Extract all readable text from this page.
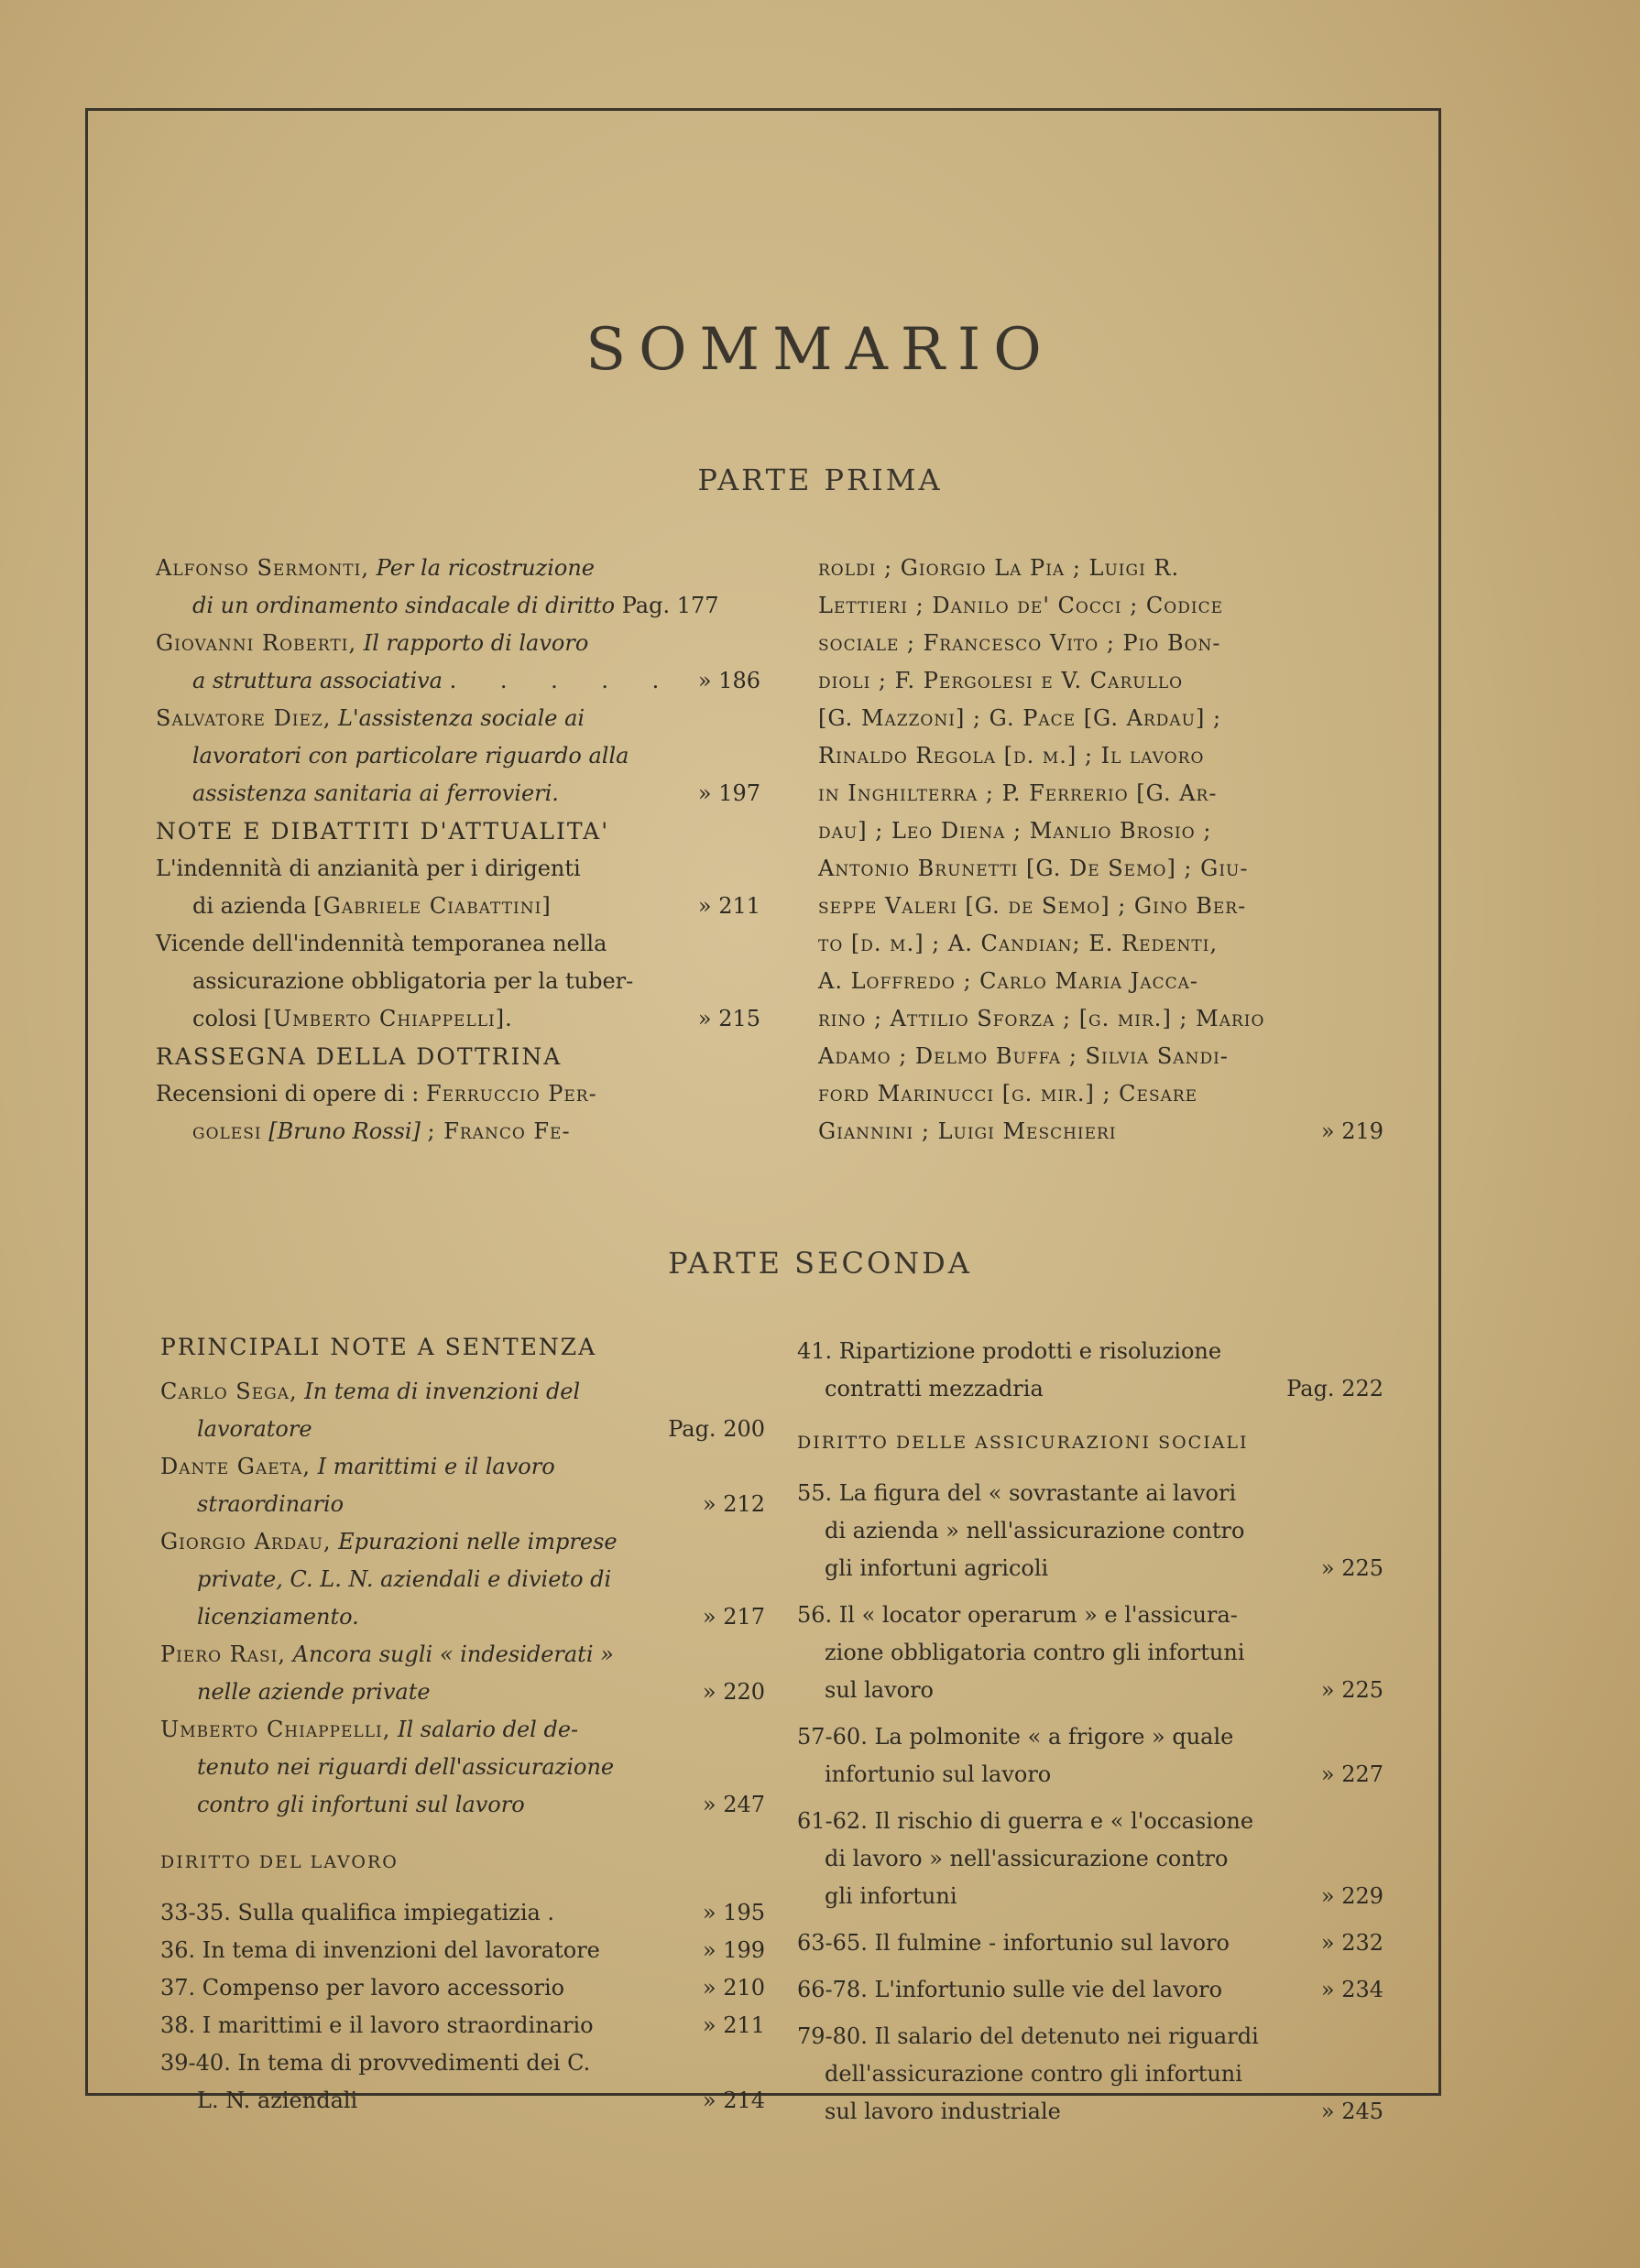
SOMMARIO
PARTE PRIMA
Alfonso Sermonti, Per la ricostruzione
di un ordinamento sindacale di diritto Pag. 177
Giovanni Roberti, Il rapporto di lavoro
a struttura associativa . . . . . » 186
Salvatore Diez, L'assistenza sociale ai
lavoratori con particolare riguardo alla
assistenza sanitaria ai ferrovieri.	» 197
NOTE E DIBATTITI D'ATTUALITA'
L'indennità di anzianità per i dirigenti
di azienda [Gabriele Ciabattini]	» 211
Vicende dell'indennità temporanea nella
assicurazione obbligatoria per la tuber-
colosi [Umberto Chiappelli].	» 215
RASSEGNA DELLA DOTTRINA
Recensioni di opere di : Ferruccio Per-
golesi [Bruno Rossi] ; Franco Fe-
roldi ; Giorgio La Pia ; Luigi R.
Lettieri ; Danilo de' Cocci ; Codice
sociale ; Francesco Vito ; Pio Bon-
dioli ; F. Pergolesi e V. Carullo
[G. Mazzoni] ; G. Pace [G. Ardau] ;
Rinaldo Regola [d. m.] ; Il lavoro
in Inghilterra ; P. Ferrerio [G. Ar-
dau] ; Leo Diena ; Manlio Brosio ;
Antonio Brunetti [G. De Semo] ; Giu-
seppe Valeri [G. de Semo] ; Gino Ber-
to [d. m.] ; A. Candian; E. Redenti,
A. Loffredo ; Carlo Maria Jacca-
rino ; Attilio Sforza ; [g. mir.] ; Mario
Adamo ; Delmo Buffa ; Silvia Sandi-
ford Marinucci [g. mir.] ; Cesare
Giannini ; Luigi Meschieri	» 219
PARTE SECONDA
PRINCIPALI NOTE A SENTENZA
Carlo Sega, In tema di invenzioni del
lavoratore	Pag. 200
Dante Gaeta, I marittimi e il lavoro
straordinario	» 212
Giorgio Ardau, Epurazioni nelle imprese
private, C. L. N. aziendali e divieto di
licenziamento.	» 217
Piero Rasi, Ancora sugli « indesiderati »
nelle aziende private	» 220
Umberto Chiappelli, Il salario del de-
tenuto nei riguardi dell'assicurazione
contro gli infortuni sul lavoro	» 247
DIRITTO DEL LAVORO
33-35. Sulla qualifica impiegatizia .	» 195
36. In tema di invenzioni del lavoratore	» 199
37. Compenso per lavoro accessorio	» 210
38. I marittimi e il lavoro straordinario	» 211
39-40. In tema di provvedimenti dei C.
L. N. aziendali	» 214
41. Ripartizione prodotti e risoluzione
contratti mezzadria	Pag. 222
DIRITTO DELLE ASSICURAZIONI SOCIALI
55. La figura del « sovrastante ai lavori
di azienda » nell'assicurazione contro
gli infortuni agricoli	» 225
56. Il « locator operarum » e l'assicura-
zione obbligatoria contro gli infortuni
sul lavoro	» 225
57-60. La polmonite « a frigore » quale
infortunio sul lavoro	» 227
61-62. Il rischio di guerra e « l'occasione
di lavoro » nell'assicurazione contro
gli infortuni	» 229
63-65. Il fulmine - infortunio sul lavoro	» 232
66-78. L'infortunio sulle vie del lavoro	» 234
79-80. Il salario del detenuto nei riguardi
dell'assicurazione contro gli infortuni
sul lavoro industriale	» 245
